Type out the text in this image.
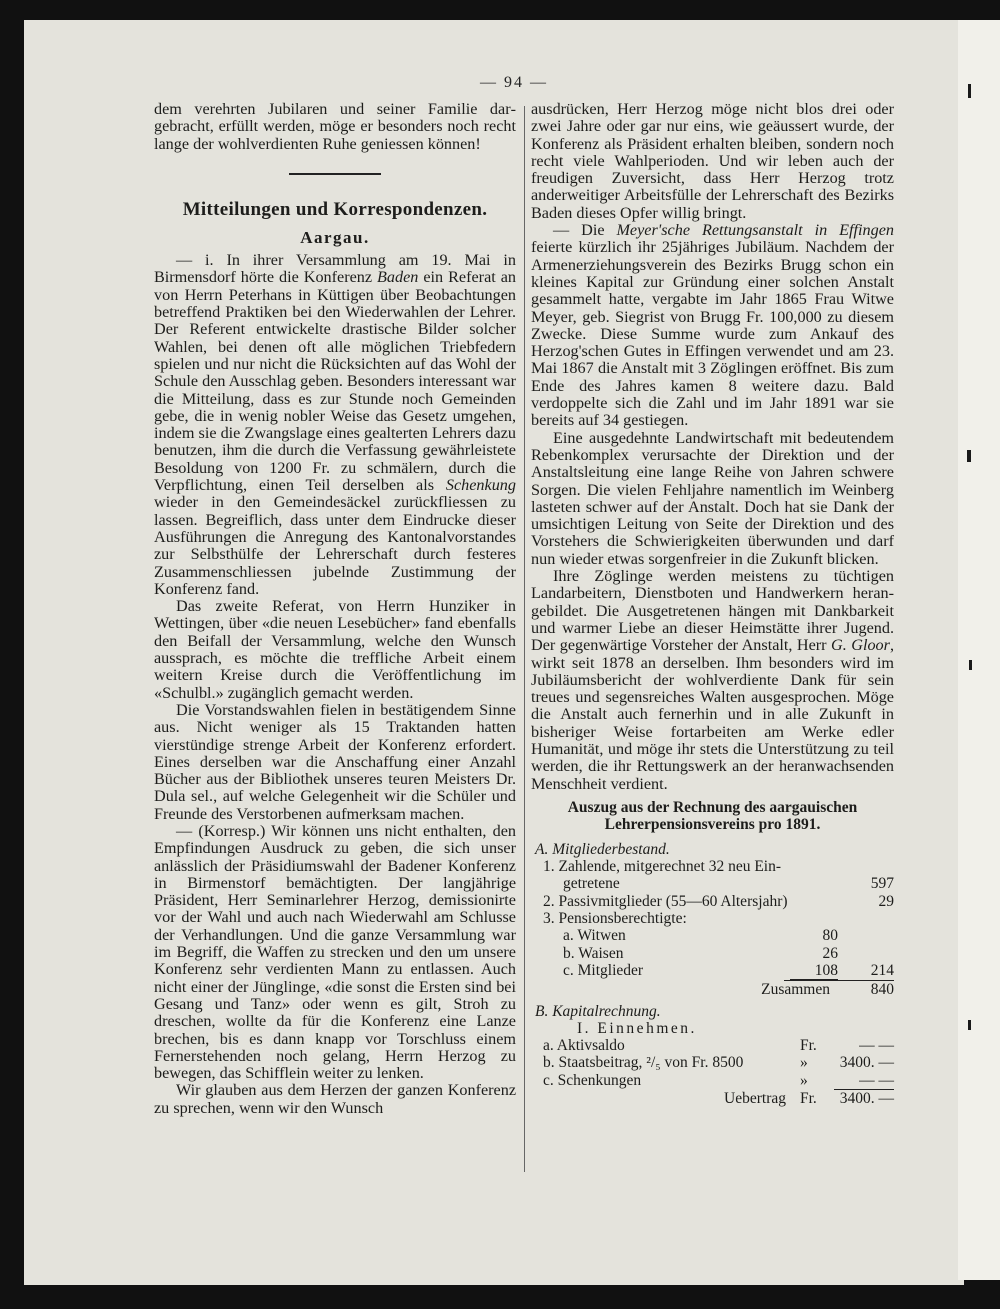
— 94 —

dem verehrten Jubilaren und seiner Familie dargebracht, erfüllt werden, möge er besonders noch recht lange der wohlverdienten Ruhe geniessen können!

Mitteilungen und Korrespondenzen.
Aargau.

— i. In ihrer Versammlung am 19. Mai in Birmensdorf hörte die Konferenz Baden ein Referat an von Herrn Peterhans in Küttigen über Beobachtungen betreffend Praktiken bei den Wiederwahlen der Lehrer. Der Referent entwickelte drastische Bilder solcher Wahlen, bei denen oft alle möglichen Triebfedern spielen und nur nicht die Rücksichten auf das Wohl der Schule den Ausschlag geben. Besonders interessant war die Mitteilung, dass es zur Stunde noch Gemeinden gebe, die in wenig nobler Weise das Gesetz umgehen, indem sie die Zwangslage eines gealterten Lehrers dazu benutzen, ihm die durch die Verfassung gewährleistete Besoldung von 1200 Fr. zu schmälern, durch die Verpflichtung, einen Teil derselben als Schenkung wieder in den Gemeindesäckel zurückfliessen zu lassen. Begreiflich, dass unter dem Eindrucke dieser Ausführungen die Anregung des Kantonalvorstandes zur Selbsthülfe der Lehrerschaft durch festeres Zusammenschliessen jubelnde Zustimmung der Konferenz fand.

Das zweite Referat, von Herrn Hunziker in Wettingen, über «die neuen Lesebücher» fand ebenfalls den Beifall der Versammlung, welche den Wunsch aussprach, es möchte die treffliche Arbeit einem weitern Kreise durch die Veröffentlichung im «Schulbl.» zugänglich gemacht werden.

Die Vorstandswahlen fielen in bestätigendem Sinne aus. Nicht weniger als 15 Traktanden hatten vierstündige strenge Arbeit der Konferenz erfordert. Eines derselben war die Anschaffung einer Anzahl Bücher aus der Bibliothek unseres teuren Meisters Dr. Dula sel., auf welche Gelegenheit wir die Schüler und Freunde des Verstorbenen aufmerksam machen.

— (Korresp.) Wir können uns nicht enthalten, den Empfindungen Ausdruck zu geben, die sich unser anlässlich der Präsidiumswahl der Badener Konferenz in Birmenstorf bemächtigten. Der langjährige Präsident, Herr Seminarlehrer Herzog, demissionirte vor der Wahl und auch nach Wiederwahl am Schlusse der Verhandlungen. Und die ganze Versammlung war im Begriff, die Waffen zu strecken und den um unsere Konferenz sehr verdienten Mann zu entlassen. Auch nicht einer der Jünglinge, «die sonst die Ersten sind bei Gesang und Tanz» oder wenn es gilt, Stroh zu dreschen, wollte da für die Konferenz eine Lanze brechen, bis es dann knapp vor Torschluss einem Fernerstehenden noch gelang, Herrn Herzog zu bewegen, das Schifflein weiter zu lenken.

Wir glauben aus dem Herzen der ganzen Konferenz zu sprechen, wenn wir den Wunsch

ausdrücken, Herr Herzog möge nicht blos drei oder zwei Jahre oder gar nur eins, wie geäussert wurde, der Konferenz als Präsident erhalten bleiben, sondern noch recht viele Wahlperioden. Und wir leben auch der freudigen Zuversicht, dass Herr Herzog trotz anderweitiger Arbeitsfülle der Lehrerschaft des Bezirks Baden dieses Opfer willig bringt.

— Die Meyer'sche Rettungsanstalt in Effingen feierte kürzlich ihr 25jähriges Jubiläum. Nachdem der Armenerziehungsverein des Bezirks Brugg schon ein kleines Kapital zur Gründung einer solchen Anstalt gesammelt hatte, vergabte im Jahr 1865 Frau Witwe Meyer, geb. Siegrist von Brugg Fr. 100,000 zu diesem Zwecke. Diese Summe wurde zum Ankauf des Herzog'schen Gutes in Effingen verwendet und am 23. Mai 1867 die Anstalt mit 3 Zöglingen eröffnet. Bis zum Ende des Jahres kamen 8 weitere dazu. Bald verdoppelte sich die Zahl und im Jahr 1891 war sie bereits auf 34 gestiegen.

Eine ausgedehnte Landwirtschaft mit bedeutendem Rebenkomplex verursachte der Direktion und der Anstaltsleitung eine lange Reihe von Jahren schwere Sorgen. Die vielen Fehljahre namentlich im Weinberg lasteten schwer auf der Anstalt. Doch hat sie Dank der umsichtigen Leitung von Seite der Direktion und des Vorstehers die Schwierigkeiten überwunden und darf nun wieder etwas sorgenfreier in die Zukunft blicken.

Ihre Zöglinge werden meistens zu tüchtigen Landarbeitern, Dienstboten und Handwerkern herangebildet. Die Ausgetretenen hängen mit Dankbarkeit und warmer Liebe an dieser Heimstätte ihrer Jugend. Der gegenwärtige Vorsteher der Anstalt, Herr G. Gloor, wirkt seit 1878 an derselben. Ihm besonders wird im Jubiläumsbericht der wohlverdiente Dank für sein treues und segensreiches Walten ausgesprochen. Möge die Anstalt auch fernerhin und in alle Zukunft in bisheriger Weise fortarbeiten am Werke edler Humanität, und möge ihr stets die Unterstützung zu teil werden, die ihr Rettungswerk an der heranwachsenden Menschheit verdient.

Auszug aus der Rechnung des aargauischen
Lehrerpensionsvereins pro 1891.
A. Mitgliederbestand.
1. Zahlende, mitgerechnet 32 neu Ein-
getretene	597
2. Passivmitglieder (55—60 Altersjahr)	29
3. Pensionsberechtigte:
a. Witwen	80
b. Waisen	26
c. Mitglieder	108	214
Zusammen	840
B. Kapitalrechnung.
I. Einnehmen.
a. Aktivsaldo	Fr.	— —
b. Staatsbeitrag, ²/₅ von Fr. 8500	»	3400. —
c. Schenkungen	»	— —
Uebertrag Fr.	3400. —
